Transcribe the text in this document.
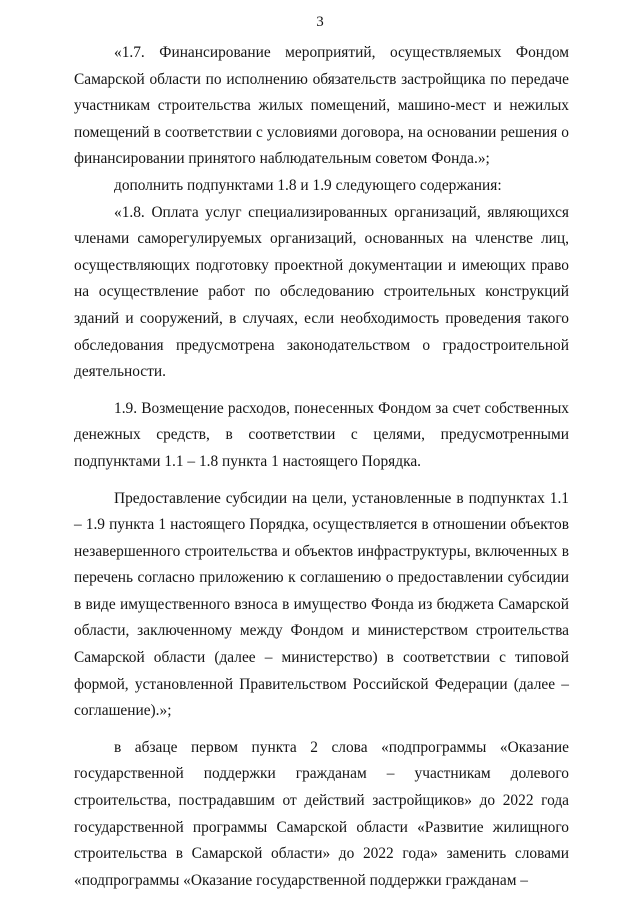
3

«1.7. Финансирование мероприятий, осуществляемых Фондом Самарской области по исполнению обязательств застройщика по передаче участникам строительства жилых помещений, машино-мест и нежилых помещений в соответствии с условиями договора, на основании решения о финансировании принятого наблюдательным советом Фонда.»;

дополнить подпунктами 1.8 и 1.9 следующего содержания:

«1.8. Оплата услуг специализированных организаций, являющихся членами саморегулируемых организаций, основанных на членстве лиц, осуществляющих подготовку проектной документации и имеющих право на осуществление работ по обследованию строительных конструкций зданий и сооружений, в случаях, если необходимость проведения такого обследования предусмотрена законодательством о градостроительной деятельности.

1.9. Возмещение расходов, понесенных Фондом за счет собственных денежных средств, в соответствии с целями, предусмотренными подпунктами 1.1 – 1.8 пункта 1 настоящего Порядка.

Предоставление субсидии на цели, установленные в подпунктах 1.1 – 1.9 пункта 1 настоящего Порядка, осуществляется в отношении объектов незавершенного строительства и объектов инфраструктуры, включенных в перечень согласно приложению к соглашению о предоставлении субсидии в виде имущественного взноса в имущество Фонда из бюджета Самарской области, заключенному между Фондом и министерством строительства Самарской области (далее – министерство) в соответствии с типовой формой, установленной Правительством Российской Федерации (далее – соглашение).»;

в абзаце первом пункта 2 слова «подпрограммы «Оказание государственной поддержки гражданам – участникам долевого строительства, пострадавшим от действий застройщиков» до 2022 года государственной программы Самарской области «Развитие жилищного строительства в Самарской области» до 2022 года» заменить словами «подпрограммы «Оказание государственной поддержки гражданам –
